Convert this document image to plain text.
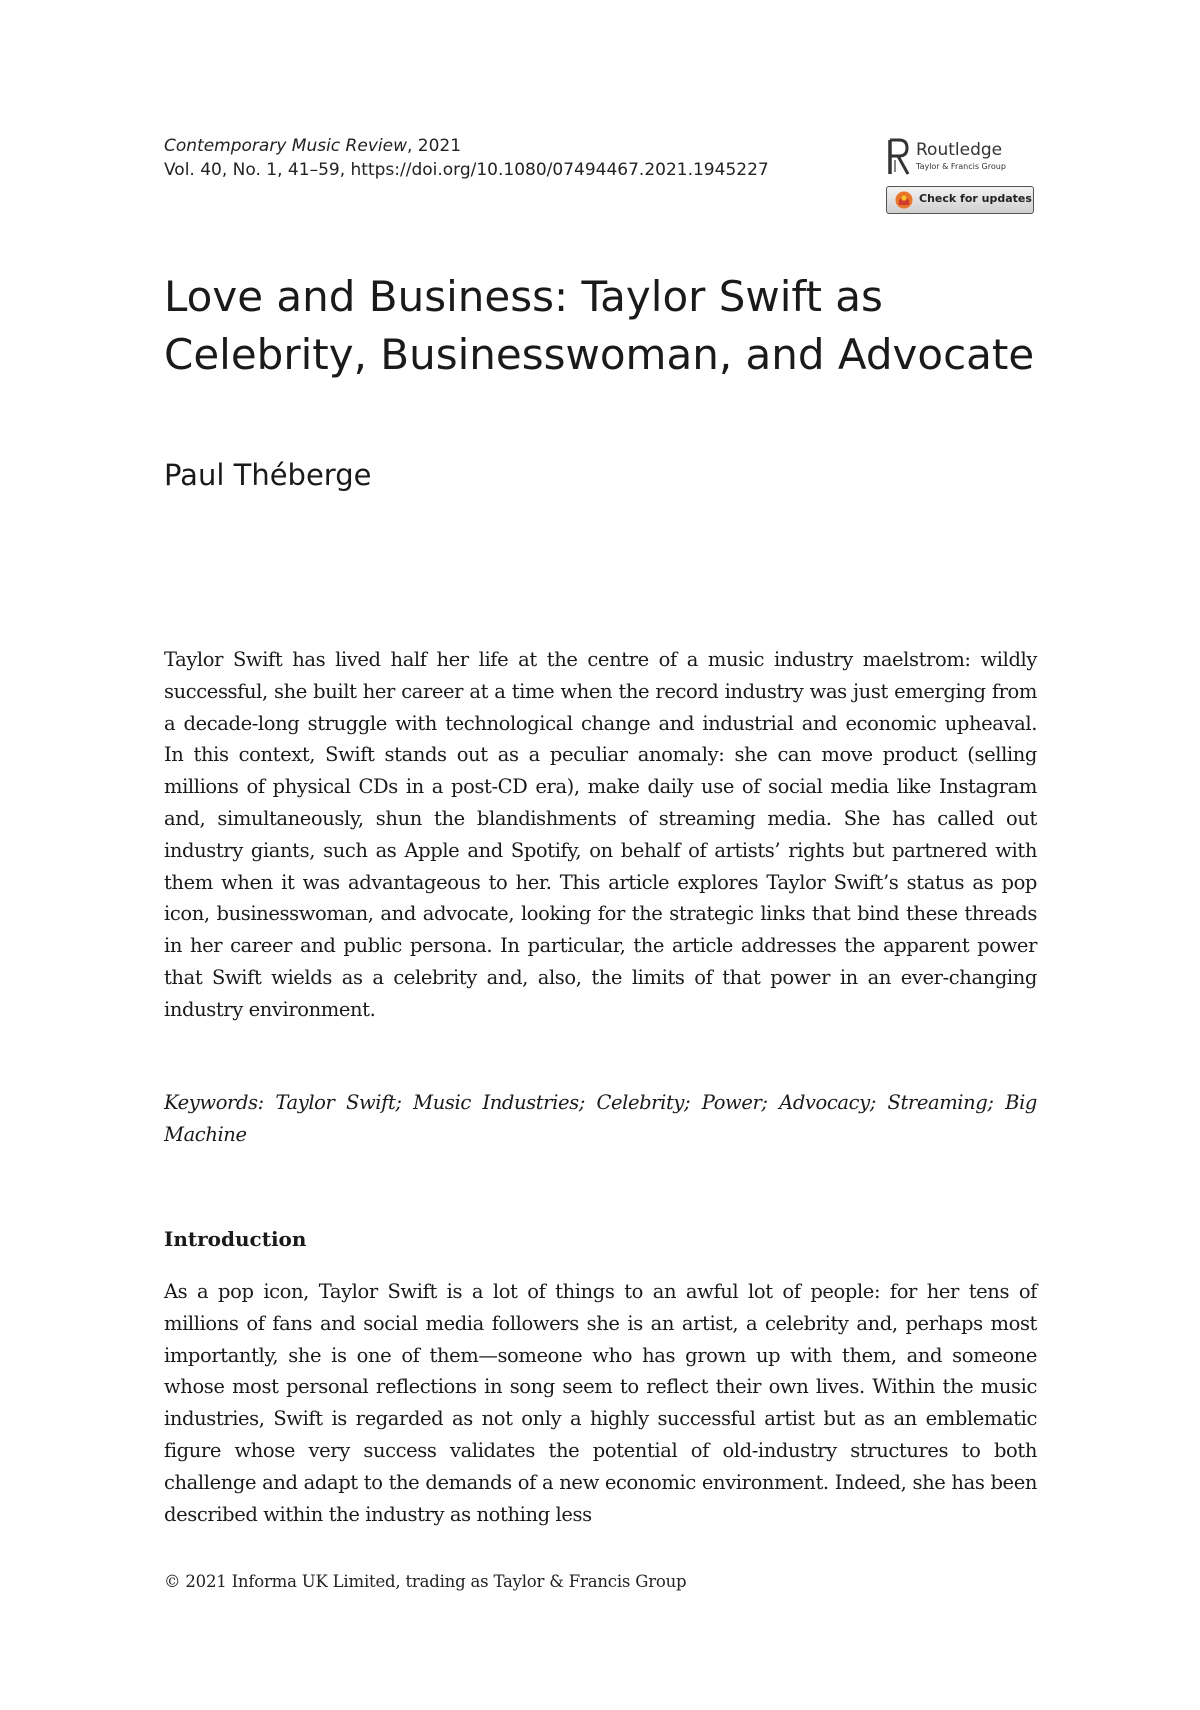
Contemporary Music Review, 2021
Vol. 40, No. 1, 41–59, https://doi.org/10.1080/07494467.2021.1945227
Routledge
Taylor & Francis Group
Check for updates
Love and Business: Taylor Swift as Celebrity, Businesswoman, and Advocate
Paul Théberge

Taylor Swift has lived half her life at the centre of a music industry maelstrom: wildly successful, she built her career at a time when the record industry was just emerging from a decade-long struggle with technological change and industrial and economic upheaval. In this context, Swift stands out as a peculiar anomaly: she can move product (selling millions of physical CDs in a post-CD era), make daily use of social media like Instagram and, simultaneously, shun the blandishments of streaming media. She has called out industry giants, such as Apple and Spotify, on behalf of artists’ rights but partnered with them when it was advantageous to her. This article explores Taylor Swift’s status as pop icon, businesswoman, and advocate, looking for the strategic links that bind these threads in her career and public persona. In particular, the article addresses the apparent power that Swift wields as a celebrity and, also, the limits of that power in an ever-changing industry environment.

Keywords: Taylor Swift; Music Industries; Celebrity; Power; Advocacy; Streaming; Big Machine

Introduction

As a pop icon, Taylor Swift is a lot of things to an awful lot of people: for her tens of millions of fans and social media followers she is an artist, a celebrity and, perhaps most importantly, she is one of them—someone who has grown up with them, and someone whose most personal reflections in song seem to reflect their own lives. Within the music industries, Swift is regarded as not only a highly successful artist but as an emblematic figure whose very success validates the potential of old-industry structures to both challenge and adapt to the demands of a new economic environment. Indeed, she has been described within the industry as nothing less

© 2021 Informa UK Limited, trading as Taylor & Francis Group
